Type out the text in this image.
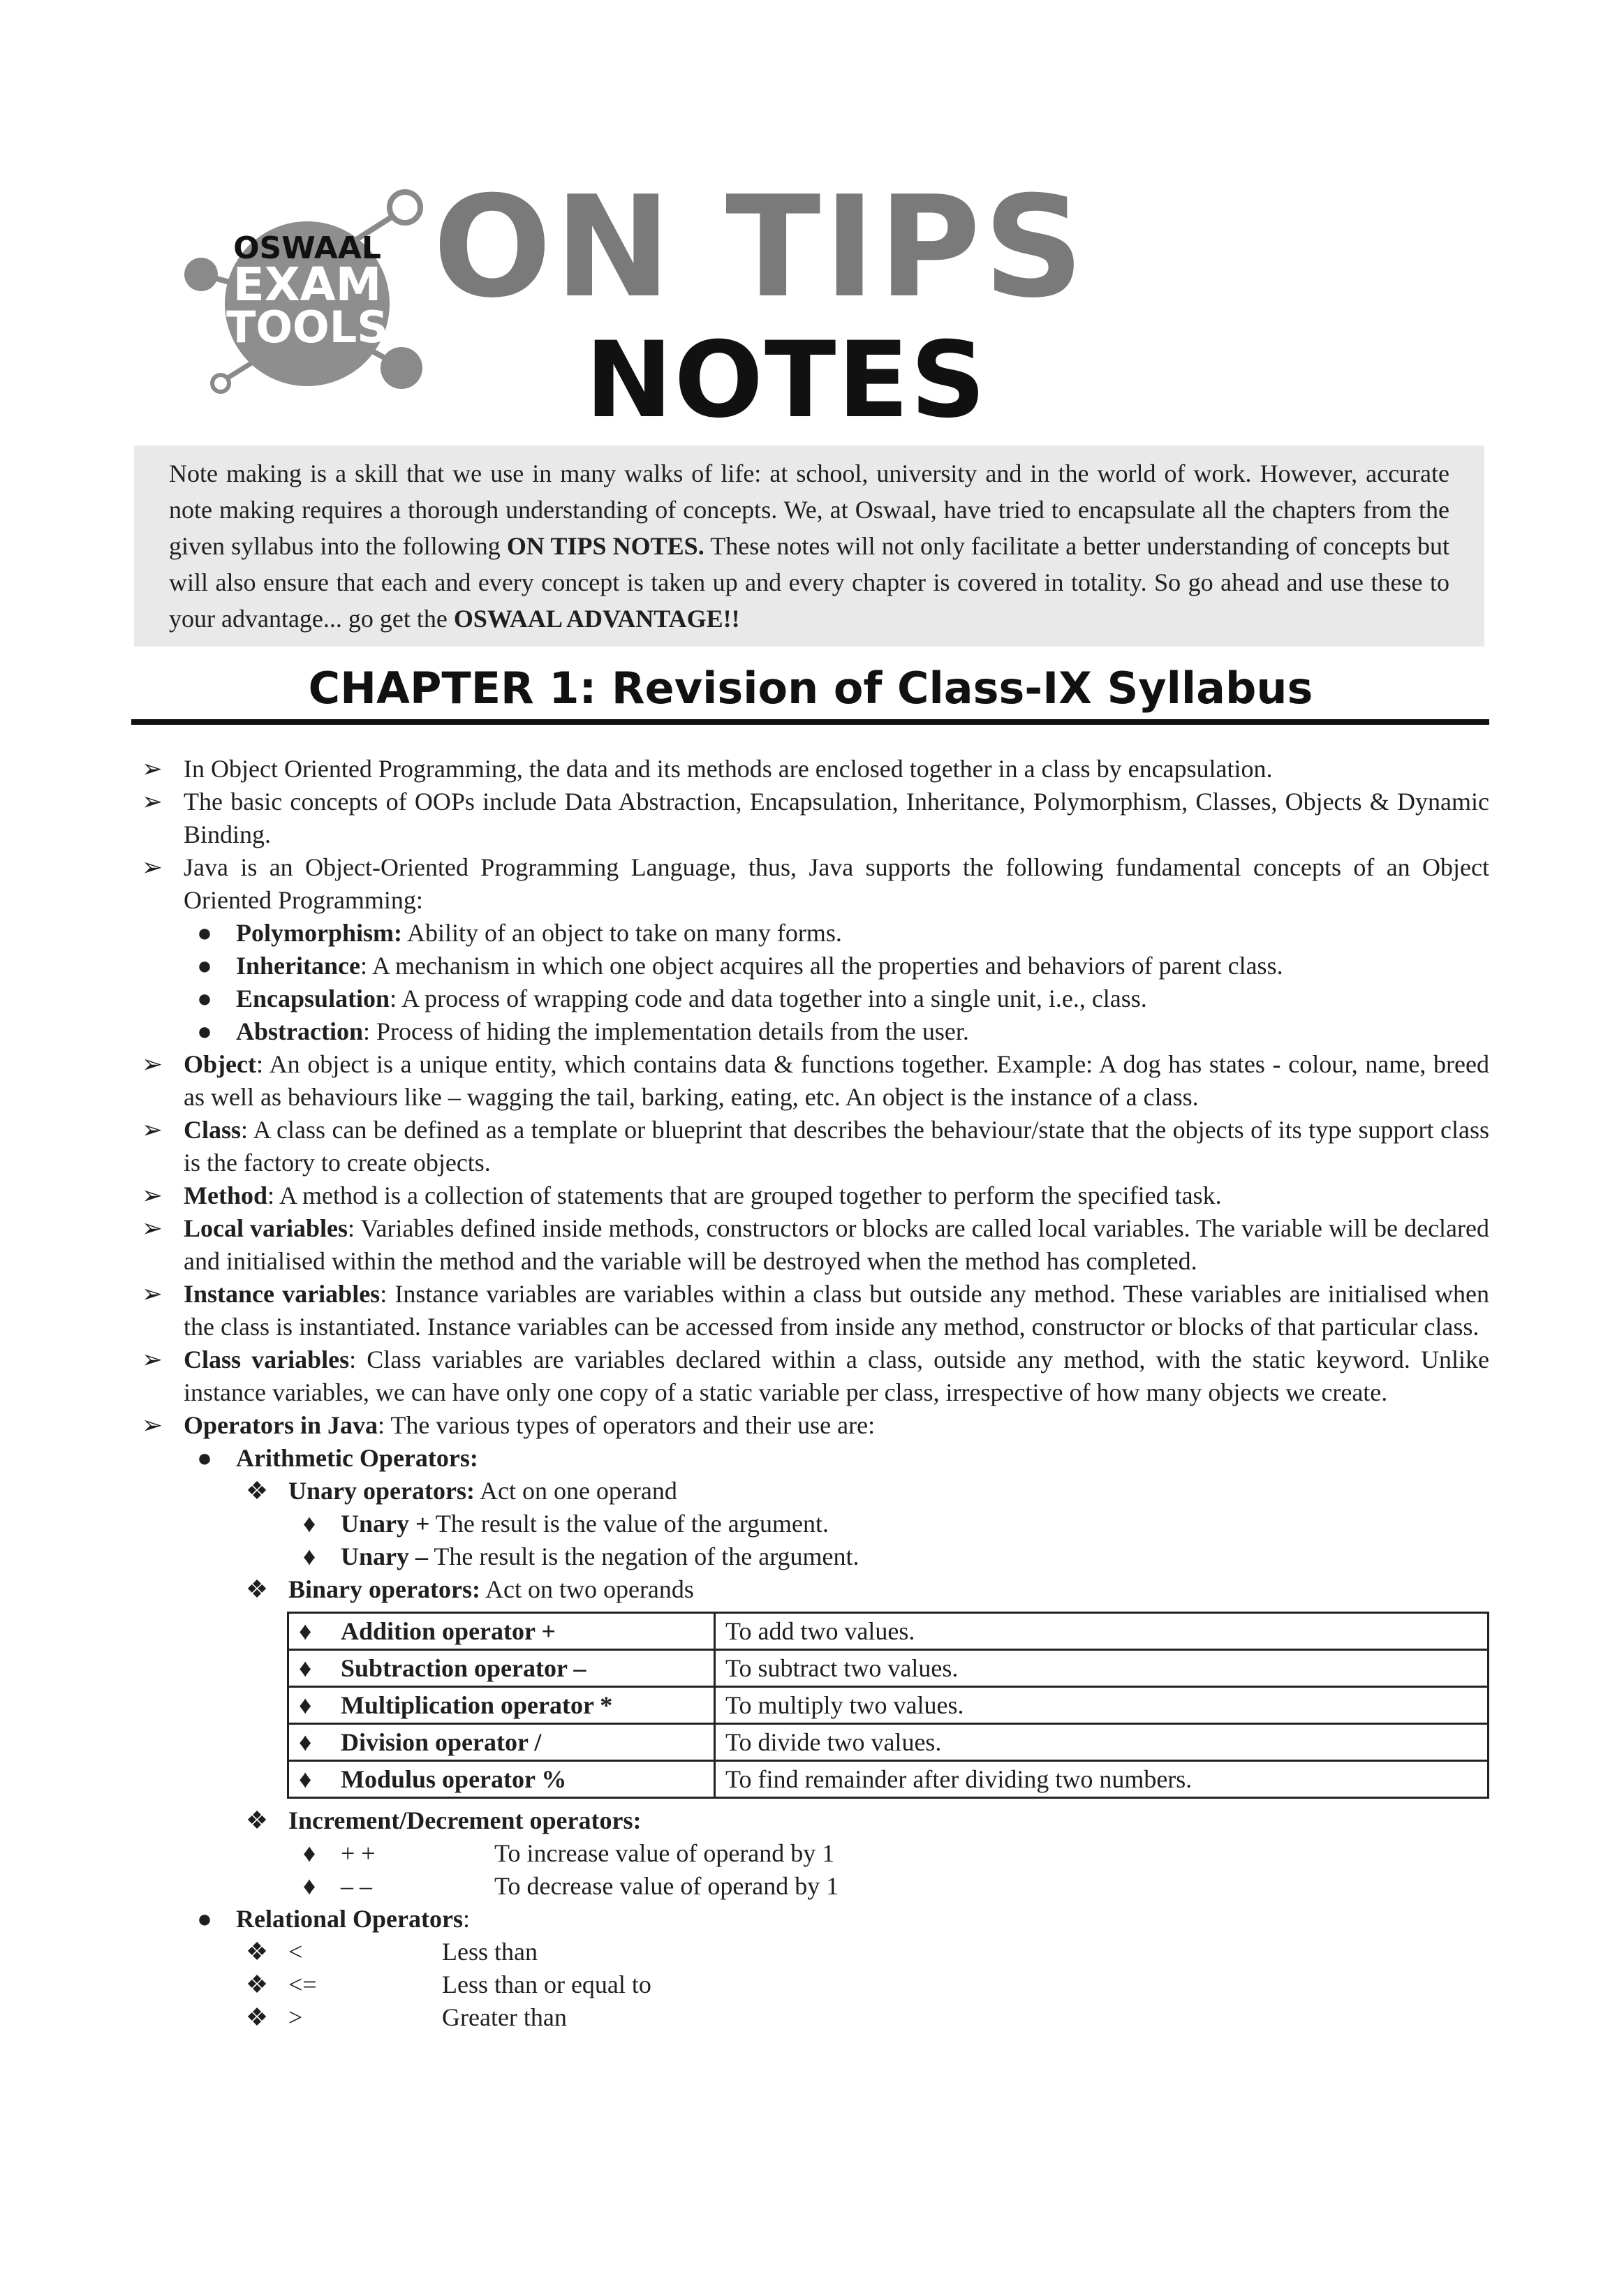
OSWAAL
EXAM
TOOLS ON TIPS
NOTES
Note making is a skill that we use in many walks of life: at school, university and in the world of work. However, accurate note making requires a thorough understanding of concepts. We, at Oswaal, have tried to encapsulate all the chapters from the given syllabus into the following ON TIPS NOTES. These notes will not only facilitate a better understanding of concepts but will also ensure that each and every concept is taken up and every chapter is covered in totality. So go ahead and use these to your advantage... go get the OSWAAL ADVANTAGE!!
CHAPTER 1: Revision of Class-IX Syllabus
➢ In Object Oriented Programming, the data and its methods are enclosed together in a class by encapsulation.
➢ The basic concepts of OOPs include Data Abstraction, Encapsulation, Inheritance, Polymorphism, Classes, Objects & Dynamic Binding.
➢ Java is an Object-Oriented Programming Language, thus, Java supports the following fundamental concepts of an Object Oriented Programming:
● Polymorphism: Ability of an object to take on many forms.
● Inheritance: A mechanism in which one object acquires all the properties and behaviors of parent class.
● Encapsulation: A process of wrapping code and data together into a single unit, i.e., class.
● Abstraction: Process of hiding the implementation details from the user.
➢ Object: An object is a unique entity, which contains data & functions together. Example: A dog has states - colour, name, breed as well as behaviours like – wagging the tail, barking, eating, etc. An object is the instance of a class.
➢ Class: A class can be defined as a template or blueprint that describes the behaviour/state that the objects of its type support class is the factory to create objects.
➢ Method: A method is a collection of statements that are grouped together to perform the specified task.
➢ Local variables: Variables defined inside methods, constructors or blocks are called local variables. The variable will be declared and initialised within the method and the variable will be destroyed when the method has completed.
➢ Instance variables: Instance variables are variables within a class but outside any method. These variables are initialised when the class is instantiated. Instance variables can be accessed from inside any method, constructor or blocks of that particular class.
➢ Class variables: Class variables are variables declared within a class, outside any method, with the static keyword. Unlike instance variables, we can have only one copy of a static variable per class, irrespective of how many objects we create.
➢ Operators in Java: The various types of operators and their use are:
● Arithmetic Operators:
❖ Unary operators: Act on one operand
♦ Unary + The result is the value of the argument.
♦ Unary – The result is the negation of the argument.
❖ Binary operators: Act on two operands
♦ Addition operator +	To add two values.
♦ Subtraction operator –	To subtract two values.
♦ Multiplication operator *	To multiply two values.
♦ Division operator /	To divide two values.
♦ Modulus operator %	To find remainder after dividing two numbers.
❖ Increment/Decrement operators:
♦ + +	To increase value of operand by 1
♦ – –	To decrease value of operand by 1
● Relational Operators:
❖ <	Less than
❖ <=	Less than or equal to
❖ >	Greater than
